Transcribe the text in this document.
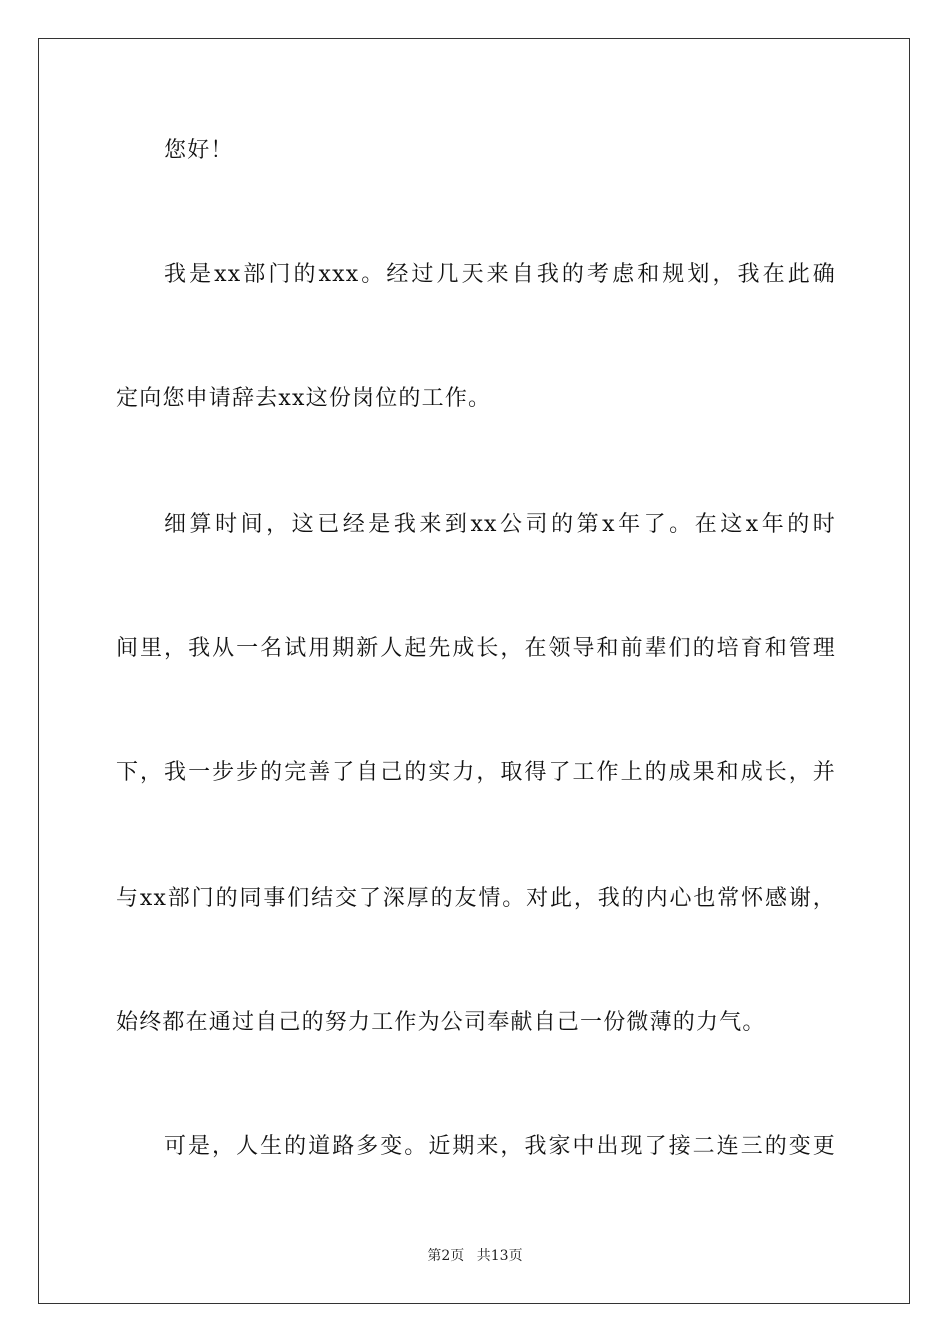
您好！
我是xx部门的xxx。经过几天来自我的考虑和规划，我在此确
定向您申请辞去xx这份岗位的工作。
细算时间，这已经是我来到xx公司的第x年了。在这x年的时
间里，我从一名试用期新人起先成长，在领导和前辈们的培育和管理
下，我一步步的完善了自己的实力，取得了工作上的成果和成长，并
与xx部门的同事们结交了深厚的友情。对此，我的内心也常怀感谢，
始终都在通过自己的努力工作为公司奉献自己一份微薄的力气。
可是，人生的道路多变。近期来，我家中出现了接二连三的变更
第2页 共13页
